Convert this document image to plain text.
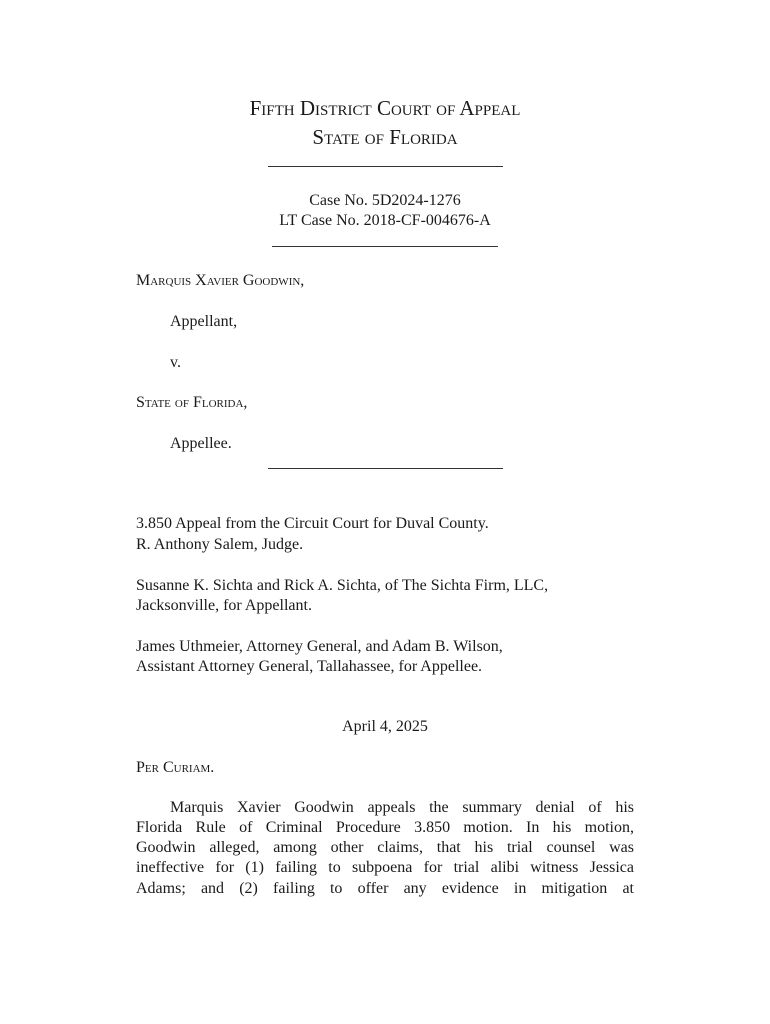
Fifth District Court of Appeal
State of Florida
Case No. 5D2024-1276
LT Case No. 2018-CF-004676-A
Marquis Xavier Goodwin,
Appellant,
v.
State of Florida,
Appellee.
3.850 Appeal from the Circuit Court for Duval County.
R. Anthony Salem, Judge.
Susanne K. Sichta and Rick A. Sichta, of The Sichta Firm, LLC,
Jacksonville, for Appellant.
James Uthmeier, Attorney General, and Adam B. Wilson,
Assistant Attorney General, Tallahassee, for Appellee.
April 4, 2025
Per Curiam.
Marquis Xavier Goodwin appeals the summary denial of his
Florida Rule of Criminal Procedure 3.850 motion. In his motion,
Goodwin alleged, among other claims, that his trial counsel was
ineffective for (1) failing to subpoena for trial alibi witness Jessica
Adams; and (2) failing to offer any evidence in mitigation at
